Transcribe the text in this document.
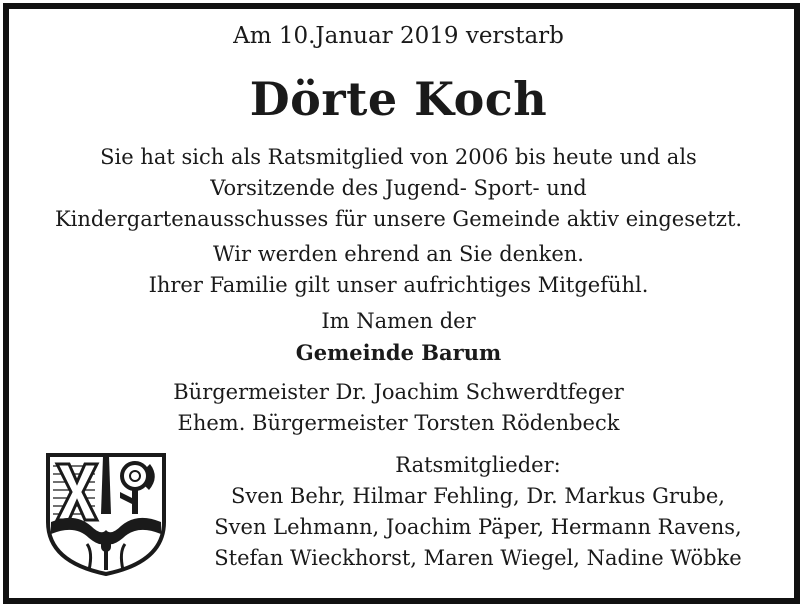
Am 10.Januar 2019 verstarb
Dörte Koch
Sie hat sich als Ratsmitglied von 2006 bis heute und als
Vorsitzende des Jugend- Sport- und
Kindergartenausschusses für unsere Gemeinde aktiv eingesetzt.
Wir werden ehrend an Sie denken.
Ihrer Familie gilt unser aufrichtiges Mitgefühl.
Im Namen der
Gemeinde Barum
Bürgermeister Dr. Joachim Schwerdtfeger
Ehem. Bürgermeister Torsten Rödenbeck
Ratsmitglieder:
Sven Behr, Hilmar Fehling, Dr. Markus Grube,
Sven Lehmann, Joachim Päper, Hermann Ravens,
Stefan Wieckhorst, Maren Wiegel, Nadine Wöbke
